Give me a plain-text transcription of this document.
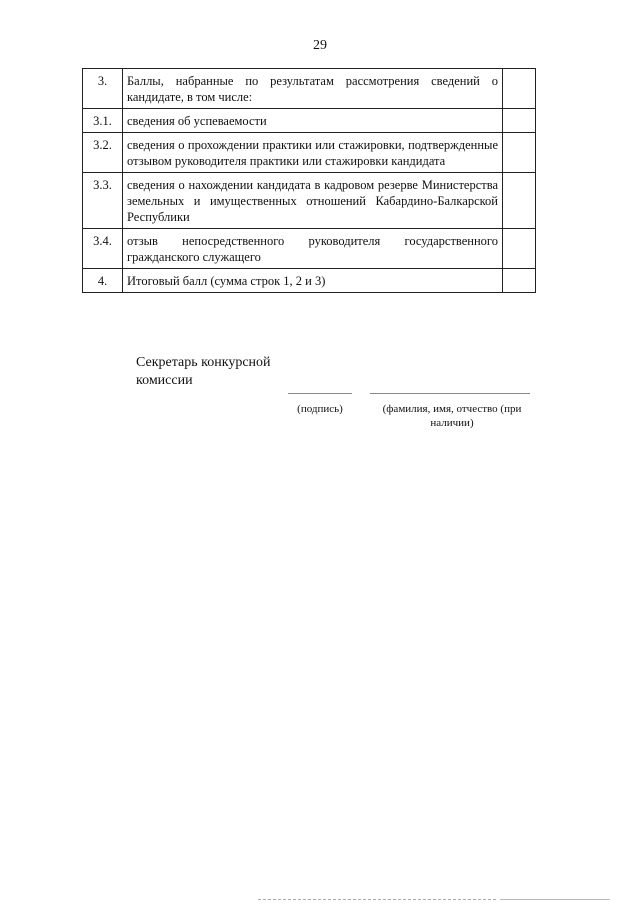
29
3.	Баллы, набранные по результатам рассмотрения сведений о кандидате, в том числе:	
3.1.	сведения об успеваемости	
3.2.	сведения о прохождении практики или стажировки, подтвержденные отзывом руководителя практики или стажировки кандидата	
3.3.	сведения о нахождении кандидата в кадровом резерве Министерства земельных и имущественных отношений Кабардино-Балкарской Республики	
3.4.	отзыв непосредственного руководителя государственного гражданского служащего	
4.	Итоговый балл (сумма строк 1, 2 и 3)	
Секретарь конкурсной
комиссии
(подпись)	(фамилия, имя, отчество (при наличии)
